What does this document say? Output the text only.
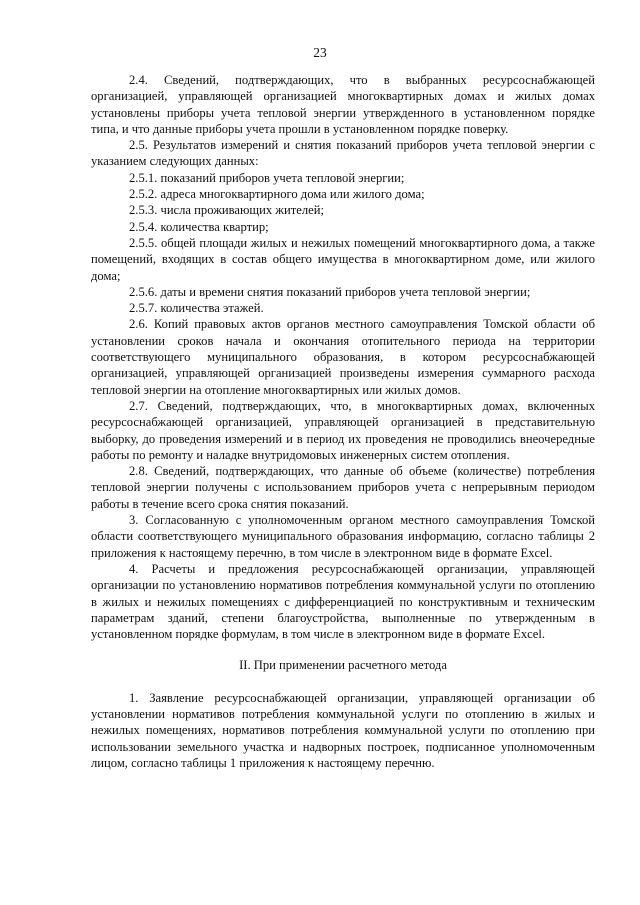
23

2.4. Сведений, подтверждающих, что в выбранных ресурсоснабжающей организацией, управляющей организацией многоквартирных домах и жилых домах установлены приборы учета тепловой энергии утвержденного в установленном порядке типа, и что данные приборы учета прошли в установленном порядке поверку.

2.5. Результатов измерений и снятия показаний приборов учета тепловой энергии с указанием следующих данных:

2.5.1. показаний приборов учета тепловой энергии;

2.5.2. адреса многоквартирного дома или жилого дома;

2.5.3. числа проживающих жителей;

2.5.4. количества квартир;

2.5.5. общей площади жилых и нежилых помещений многоквартирного дома, а также помещений, входящих в состав общего имущества в многоквартирном доме, или жилого дома;

2.5.6. даты и времени снятия показаний приборов учета тепловой энергии;

2.5.7. количества этажей.

2.6. Копий правовых актов органов местного самоуправления Томской области об установлении сроков начала и окончания отопительного периода на территории соответствующего муниципального образования, в котором ресурсоснабжающей организацией, управляющей организацией произведены измерения суммарного расхода тепловой энергии на отопление многоквартирных или жилых домов.

2.7. Сведений, подтверждающих, что, в многоквартирных домах, включенных ресурсоснабжающей организацией, управляющей организацией в представительную выборку, до проведения измерений и в период их проведения не проводились внеочередные работы по ремонту и наладке внутридомовых инженерных систем отопления.

2.8. Сведений, подтверждающих, что данные об объеме (количестве) потребления тепловой энергии получены с использованием приборов учета с непрерывным периодом работы в течение всего срока снятия показаний.

3. Согласованную с уполномоченным органом местного самоуправления Томской области соответствующего муниципального образования информацию, согласно таблицы 2 приложения к настоящему перечню, в том числе в электронном виде в формате Excel.

4. Расчеты и предложения ресурсоснабжающей организации, управляющей организации по установлению нормативов потребления коммунальной услуги по отоплению в жилых и нежилых помещениях с дифференциацией по конструктивным и техническим параметрам зданий, степени благоустройства, выполненные по утвержденным в установленном порядке формулам, в том числе в электронном виде в формате Excel.

II. При применении расчетного метода

1. Заявление ресурсоснабжающей организации, управляющей организации об установлении нормативов потребления коммунальной услуги по отоплению в жилых и нежилых помещениях, нормативов потребления коммунальной услуги по отоплению при использовании земельного участка и надворных построек, подписанное уполномоченным лицом, согласно таблицы 1 приложения к настоящему перечню.
